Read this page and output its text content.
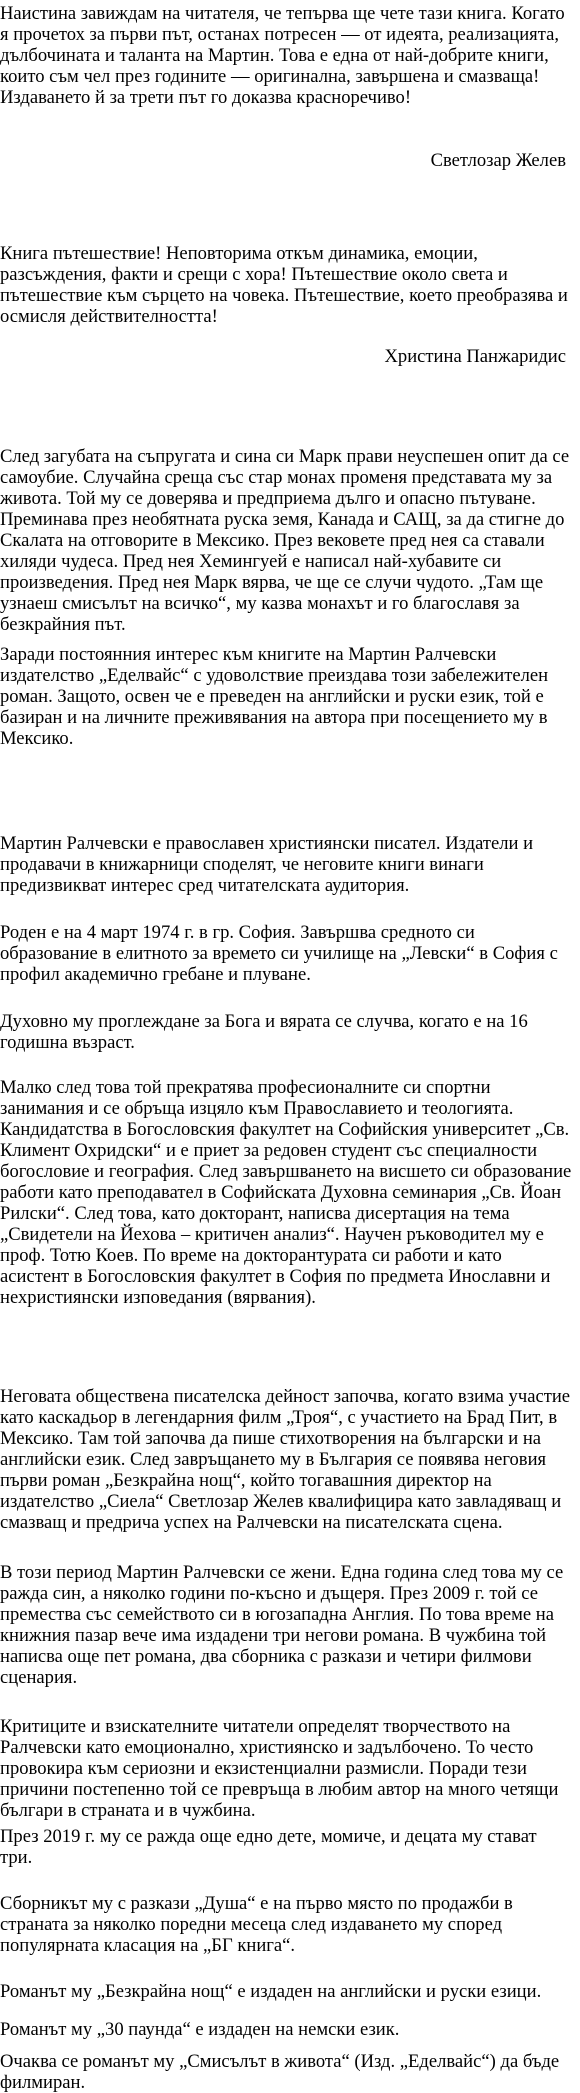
Наистина завиждам на читателя, че тепърва ще чете тази книга. Когато я прочетох за първи път, останах потресен — от идеята, реализацията, дълбочината и таланта на Мартин. Това е една от най-добрите книги, които съм чел през годините — оригинална, завършена и смазваща! Издаването й за трети път го доказва красноречиво!

Светлозар Желев

Книга пътешествие! Неповторима откъм динамика, емоции, разсъждения, факти и срещи с хора! Пътешествие около света и пътешествие към сърцето на човека. Пътешествие, което преобразява и осмисля действителността!

Христина Панжаридис

След загубата на съпругата и сина си Марк прави неуспешен опит да се самоубие. Случайна среща със стар монах променя представата му за живота. Той му се доверява и предприема дълго и опасно пътуване. Преминава през необятната руска земя, Канада и САЩ, за да стигне до Скалата на отговорите в Мексико. През вековете пред нея са ставали хиляди чудеса. Пред нея Хемингуей е написал най-хубавите си произведения. Пред нея Марк вярва, че ще се случи чудото. „Там ще узнаеш смисълът на всичко“, му казва монахът и го благославя за безкрайния път.

Заради постоянния интерес към книгите на Мартин Ралчевски издателство „Еделвайс“ с удоволствие преиздава този забележителен роман. Защото, освен че е преведен на английски и руски език, той е базиран и на личните преживявания на автора при посещението му в Мексико.

Мартин Ралчевски е православен християнски писател. Издатели и продавачи в книжарници споделят, че неговите книги винаги предизвикват интерес сред читателската аудитория.

Роден е на 4 март 1974 г. в гр. София. Завършва средното си образование в елитното за времето си училище на „Левски“ в София с профил академично гребане и плуване.

Духовно му проглеждане за Бога и вярата се случва, когато е на 16 годишна възраст.

Малко след това той прекратява професионалните си спортни занимания и се обръща изцяло към Православието и теологията. Кандидатства в Богословския факултет на Софийския университет „Св. Климент Охридски“ и е приет за редовен студент със специалности богословие и география. След завършването на висшето си образование работи като преподавател в Софийската Духовна семинария „Св. Йоан Рилски“. След това, като докторант, написва дисертация на тема „Свидетели на Йехова – критичен анализ“. Научен ръководител му е проф. Тотю Коев. По време на докторантурата си работи и като асистент в Богословския факултет в София по предмета Инославни и нехристиянски изповедания (вярвания).

Неговата обществена писателска дейност започва, когато взима участие като каскадьор в легендарния филм „Троя“, с участието на Брад Пит, в Мексико. Там той започва да пише стихотворения на български и на английски език. След завръщането му в България се появява неговия първи роман „Безкрайна нощ“, който тогавашния директор на издателство „Сиела“ Светлозар Желев квалифицира като завладяващ и смазващ и предрича успех на Ралчевски на писателската сцена.

В този период Мартин Ралчевски се жени. Една година след това му се ражда син, а няколко години по-късно и дъщеря. През 2009 г. той се премества със семейството си в югозападна Англия. По това време на книжния пазар вече има издадени три негови романа. В чужбина той написва още пет романа, два сборника с разкази и четири филмови сценария.

Критиците и взискателните читатели определят творчеството на Ралчевски като емоционално, християнско и задълбочено. То често провокира към сериозни и екзистенциални размисли. Поради тези причини постепенно той се превръща в любим автор на много четящи българи в страната и в чужбина.

През 2019 г. му се ражда още едно дете, момиче, и децата му стават три.

Сборникът му с разкази „Душа“ е на първо място по продажби в страната за няколко поредни месеца след издаването му според популярната класация на „БГ книга“.

Романът му „Безкрайна нощ“ е издаден на английски и руски езици.

Романът му „30 паунда“ е издаден на немски език.

Очаква се романът му „Смисълът в живота“ (Изд. „Еделвайс“) да бъде филмиран.
